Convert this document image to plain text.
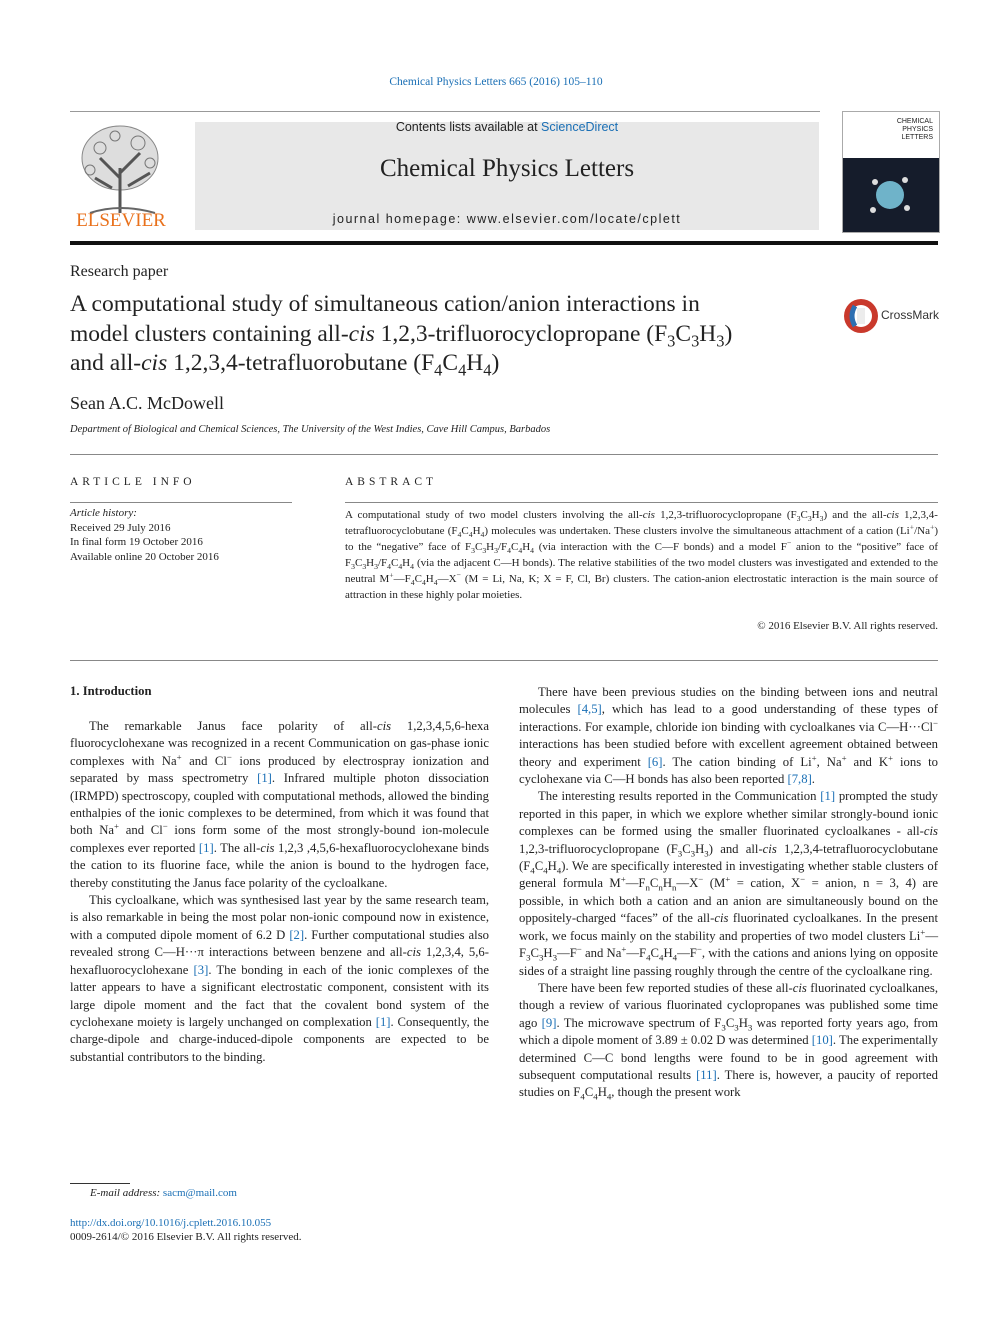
Chemical Physics Letters 665 (2016) 105–110
ELSEVIER
Contents lists available at ScienceDirect
Chemical Physics Letters
journal homepage: www.elsevier.com/locate/cplett
CHEMICAL
PHYSICS
LETTERS
Research paper
A computational study of simultaneous cation/anion interactions in
model clusters containing all-cis 1,2,3-trifluorocyclopropane $(F_3C_3H_3)$
and all-cis 1,2,3,4-tetrafluorobutane $(F_4C_4H_4)$
CrossMark
Sean A.C. McDowell
Department of Biological and Chemical Sciences, The University of the West Indies, Cave Hill Campus, Barbados
ARTICLE INFO
Article history:
Received 29 July 2016
In final form 19 October 2016
Available online 20 October 2016
ABSTRACT
A computational study of two model clusters involving the all-cis 1,2,3-trifluorocyclopropane $(F_3C_3H_3)$ and the all-cis 1,2,3,4-tetrafluorocyclobutane $(F_4C_4H_4)$ molecules was undertaken. These clusters involve the simultaneous attachment of a cation (Li+/Na+) to the “negative” face of $F_3C_3H_3/F_4C_4H_4$ (via interaction with the C—F bonds) and a model F− anion to the “positive” face of $F_3C_3H_3/F_4C_4H_4$ (via the adjacent C—H bonds). The relative stabilities of the two model clusters was investigated and extended to the neutral $M^+—F_4C_4H_4—X^-$ (M = Li, Na, K; X = F, Cl, Br) clusters. The cation-anion electrostatic interaction is the main source of attraction in these highly polar moieties.
© 2016 Elsevier B.V. All rights reserved.
1. Introduction

The remarkable Janus face polarity of all-cis 1,2,3,4,5,6-hexa fluorocyclohexane was recognized in a recent Communication on gas-phase ionic complexes with Na+ and Cl− ions produced by electrospray ionization and separated by mass spectrometry [1]. Infrared multiple photon dissociation (IRMPD) spectroscopy, coupled with computational methods, allowed the binding enthalpies of the ionic complexes to be determined, from which it was found that both Na+ and Cl− ions form some of the most strongly-bound ion-molecule complexes ever reported [1]. The all-cis 1,2,3 ,4,5,6-hexafluorocyclohexane binds the cation to its fluorine face, while the anion is bound to the hydrogen face, thereby constituting the Janus face polarity of the cycloalkane.

This cycloalkane, which was synthesised last year by the same research team, is also remarkable in being the most polar non-ionic compound now in existence, with a computed dipole moment of 6.2 D [2]. Further computational studies also revealed strong C—H···π interactions between benzene and all-cis 1,2,3,4, 5,6-hexafluorocyclohexane [3]. The bonding in each of the ionic complexes of the latter appears to have a significant electrostatic component, consistent with its large dipole moment and the fact that the covalent bond system of the cyclohexane moiety is largely unchanged on complexation [1]. Consequently, the charge-dipole and charge-induced-dipole components are expected to be substantial contributors to the binding.

There have been previous studies on the binding between ions and neutral molecules [4,5], which has lead to a good understanding of these types of interactions. For example, chloride ion binding with cycloalkanes via C—H···Cl− interactions has been studied before with excellent agreement obtained between theory and experiment [6]. The cation binding of Li+, Na+ and K+ ions to cyclohexane via C—H bonds has also been reported [7,8].

The interesting results reported in the Communication [1] prompted the study reported in this paper, in which we explore whether similar strongly-bound ionic complexes can be formed using the smaller fluorinated cycloalkanes - all-cis 1,2,3-trifluorocyclopropane $(F_3C_3H_3)$ and all-cis 1,2,3,4-tetrafluorocyclobutane $(F_4C_4H_4)$. We are specifically interested in investigating whether stable clusters of general formula $M^+—F_nC_nH_n—X^-$ (M+ = cation, X− = anion, n = 3, 4) are possible, in which both a cation and an anion are simultaneously bound on the oppositely-charged “faces” of the all-cis fluorinated cycloalkanes. In the present work, we focus mainly on the stability and properties of two model clusters $Li^+—F_3C_3H_3—F^-$ and $Na^+—F_4C_4H_4—F^-$, with the cations and anions lying on opposite sides of a straight line passing roughly through the centre of the cycloalkane ring.

There have been few reported studies of these all-cis fluorinated cycloalkanes, though a review of various fluorinated cyclopropanes was published some time ago [9]. The microwave spectrum of $F_3C_3H_3$ was reported forty years ago, from which a dipole moment of 3.89 ± 0.02 D was determined [10]. The experimentally determined C—C bond lengths were found to be in good agreement with subsequent computational results [11]. There is, however, a paucity of reported studies on $F_4C_4H_4$, though the present work

E-mail address: sacm@mail.com
http://dx.doi.org/10.1016/j.cplett.2016.10.055
0009-2614/© 2016 Elsevier B.V. All rights reserved.
